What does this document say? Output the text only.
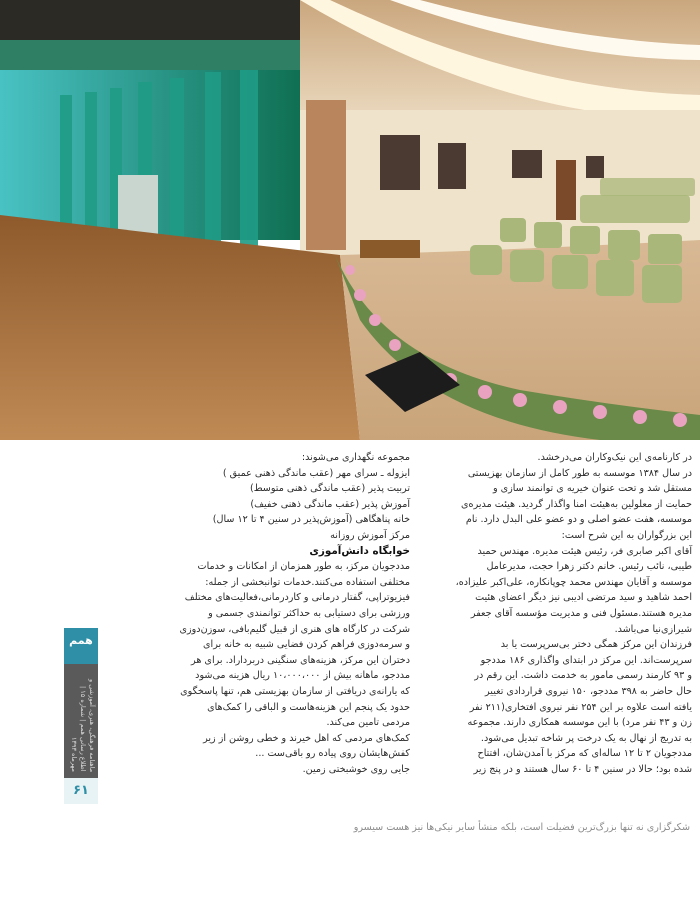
در کارنامه‌ی این نیک‌وکاران می‌درخشد.

در سال ۱۳۸۴ موسسه به طور کامل از سازمان بهزیستی

مستقل شد و تحت عنوان خیریه ی توانمند سازی و

حمایت از معلولین به‌هیئت امنا واگذار گردید. هیئت مدیره‌ی

موسسه، هفت عضو اصلی و دو عضو علی البدل دارد. نام

این بزرگواران به این شرح است:

آقای اکبر صابری فر، رئیس هیئت مدیره. مهندس حمید

طیبی، نائب رئیس. خانم دکتر زهرا حجت، مدیرعامل

موسسه و آقایان مهندس محمد چوپانکاره، علی‌اکبر علیزاده،

احمد شاهید و سید مرتضی ادیبی نیز دیگر اعضای هئیت

مدیره هستند.مسئول فنی و مدیریت مؤسسه آقای جعفر

شیرازی‌نیا می‌باشد.

فرزندان این مرکز همگی دختر بی‌سرپرست یا بد

سرپرست‌اند. این مرکز در ابتدای واگذاری ۱۸۶ مددجو

و ۹۳ کارمند رسمی مامور به خدمت داشت. این رقم در

حال حاضر به ۳۹۸ مددجو، ۱۵۰ نیروی قراردادی تغییر

یافته است علاوه بر این ۲۵۴ نفر نیروی افتخاری(۲۱۱ نفر

زن و ۴۳ نفر مرد) با این موسسه همکاری دارند. مجموعه

به تدریج از نهال به یک درخت پر شاخه تبدیل می‌شود.

مددجویان ۲ تا ۱۲ ساله‌ای که مرکز با آمدن‌شان، افتتاح

شده بود؛ حالا در سنین ۴ تا ۶۰ سال هستند و در پنج زیر

مجموعه نگهداری می‌شوند:

ایزوله ـ سرای مهر (عقب ماندگی ذهنی عمیق )

تربیت پذیر (عقب ماندگی ذهنی متوسط)

آموزش پذیر (عقب ماندگی ذهنی خفیف)

خانه پناهگاهی (آموزش‌پذیر در سنین ۴ تا ۱۲ سال)

مرکز آموزش روزانه

خوابگاه دانش‌آموزی

مددجویان مرکز، به طور همزمان از امکانات و خدمات

مختلفی استفاده می‌کنند.خدمات توانبخشی از جمله:

فیزیوتراپی، گفتار درمانی و کاردرمانی،فعالیت‌های مختلف

ورزشی برای دستیابی به حداکثر توانمندی جسمی و

شرکت در کارگاه های هنری از قبیل گلیم‌بافی، سوزن‌دوزی

و سرمه‌دوزی فراهم کردن فضایی شبیه به خانه برای

دختران این مرکز، هزینه‌های سنگینی دربرداراد. برای هر

مددجو، ماهانه بیش از ۱۰،۰۰۰،۰۰۰ ریال هزینه می‌شود

که یارانه‌ی دریافتی از سازمان بهزیستی هم، تنها پاسخگوی

حدود یک پنجم این هزینه‌هاست و الباقی را کمک‌های

مردمی تامین می‌کند.

کمک‌های مردمی که اهل خیرند و خطی روشن از زیر

کفش‌هایشان روی پیاده رو باقی‌ست ...

جایی روی خوشبختی زمین.

همم
ماهنامه فرهنگی، هنری، آموزشی و اطلاع رسانی همم | شماره ۱۵ | مهرماه ۱۳۹۳
۶۱
شکرگزاری نه تنها بزرگ‌ترین فضیلت است، بلکه منشأ سایر نیکی‌ها نیز هست سیسرو
